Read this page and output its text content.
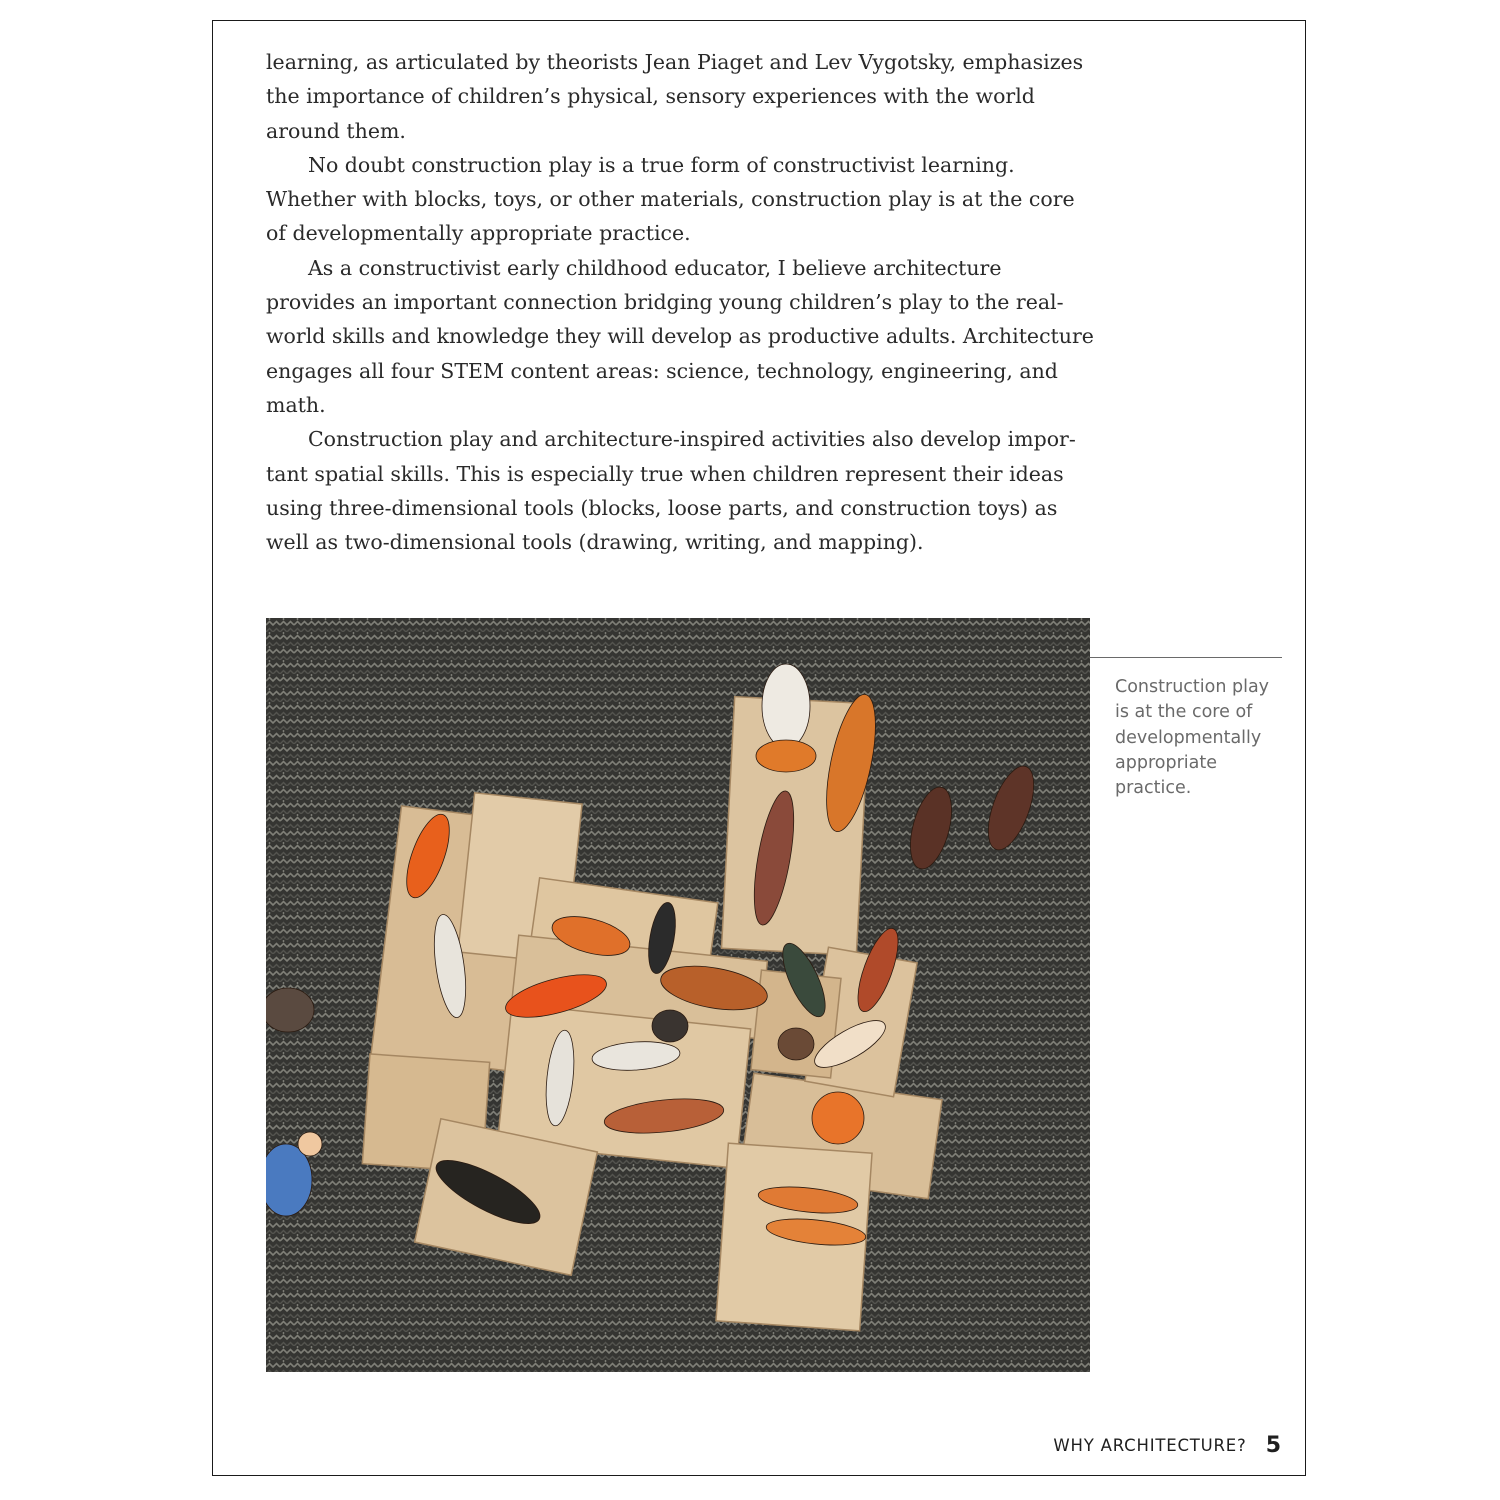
learning, as articulated by theorists Jean Piaget and Lev Vygotsky, emphasizes the importance of children’s physical, sensory experiences with the world around them.

No doubt construction play is a true form of constructivist learning. Whether with blocks, toys, or other materials, construction play is at the core of developmentally appropriate practice.

As a constructivist early childhood educator, I believe architecture provides an important connection bridging young children’s play to the real-world skills and knowledge they will develop as productive adults. Architecture engages all four STEM content areas: science, technology, engineering, and math.

Construction play and architecture-inspired activities also develop important spatial skills. This is especially true when children represent their ideas using three-dimensional tools (blocks, loose parts, and construction toys) as well as two-dimensional tools (drawing, writing, and mapping).

Construction play is at the core of developmentally appropriate practice.
WHY ARCHITECTURE? 5
